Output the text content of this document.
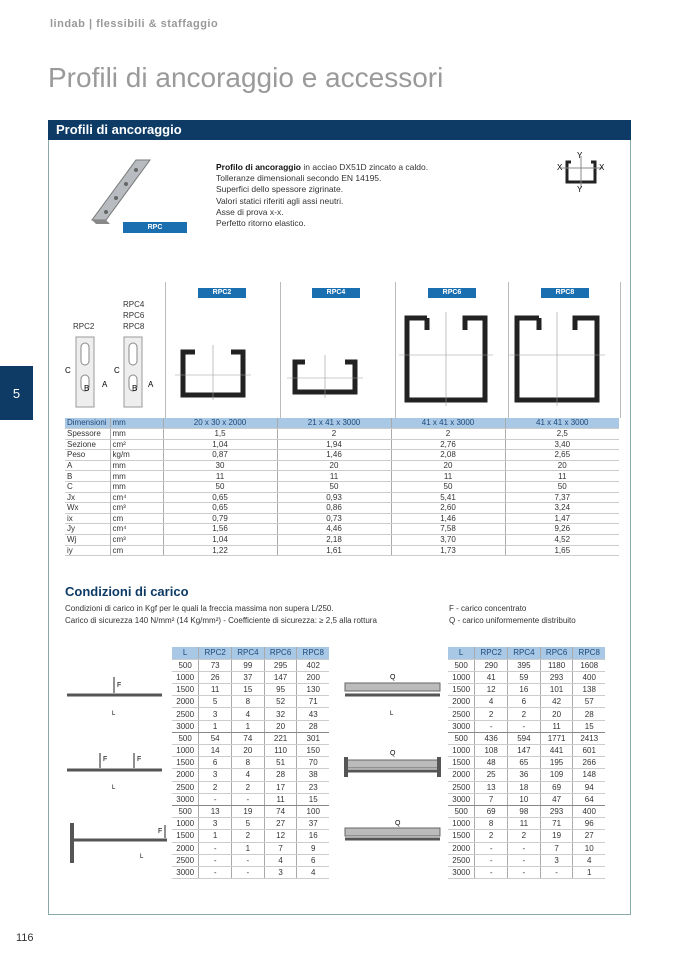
lindab | flessibili & staffaggio
Profili di ancoraggio e accessori
Profili di ancoraggio
5
116
RPC
Profilo di ancoraggio in acciao DX51D zincato a caldo.
Tolleranze dimensionali secondo EN 14195.
Superfici dello spessore zigrinate.
Valori statici riferiti agli assi neutri.
Asse di prova x-x.
Perfetto ritorno elastico.
Y
Y
X	X
RPC4
RPC6
RPC8
RPC2
C	C
B	B
A	A
RPC2	RPC4	RPC6	RPC8
Dimensioni	mm	20 x 30 x 2000	21 x 41 x 3000	41 x 41 x 3000	41 x 41 x 3000
Spessore	mm	1,5	2	2	2,5
Sezione	cm²	1,04	1,94	2,76	3,40
Peso	kg/m	0,87	1,46	2,08	2,65
A	mm	30	20	20	20
B	mm	11	11	11	11
C	mm	50	50	50	50
Jx	cm⁴	0,65	0,93	5,41	7,37
Wx	cm³	0,65	0,86	2,60	3,24
ix	cm	0,79	0,73	1,46	1,47
Jy	cm⁴	1,56	4,46	7,58	9,26
Wj	cm³	1,04	2,18	3,70	4,52
iy	cm	1,22	1,61	1,73	1,65
Condizioni di carico
Condizioni di carico in Kgf per le quali la freccia massima non supera L/250.
Carico di sicurezza 140 N/mm² (14 Kg/mm²) - Coefficiente di sicurezza: ≥ 2,5 alla rottura
F - carico concentrato
Q - carico uniformemente distribuito
F
L
F	F
L
F
L
Q
L
Q
Q
L	RPC2	RPC4	RPC6	RPC8
500	73	99	295	402
1000	26	37	147	200
1500	11	15	95	130
2000	5	8	52	71
2500	3	4	32	43
3000	1	1	20	28
500	54	74	221	301
1000	14	20	110	150
1500	6	8	51	70
2000	3	4	28	38
2500	2	2	17	23
3000	-	-	11	15
500	13	19	74	100
1000	3	5	27	37
1500	1	2	12	16
2000	-	1	7	9
2500	-	-	4	6
3000	-	-	3	4
L	RPC2	RPC4	RPC6	RPC8
500	290	395	1180	1608
1000	41	59	293	400
1500	12	16	101	138
2000	4	6	42	57
2500	2	2	20	28
3000	-	-	11	15
500	436	594	1771	2413
1000	108	147	441	601
1500	48	65	195	266
2000	25	36	109	148
2500	13	18	69	94
3000	7	10	47	64
500	69	98	293	400
1000	8	11	71	96
1500	2	2	19	27
2000	-	-	7	10
2500	-	-	3	4
3000	-	-	-	1
